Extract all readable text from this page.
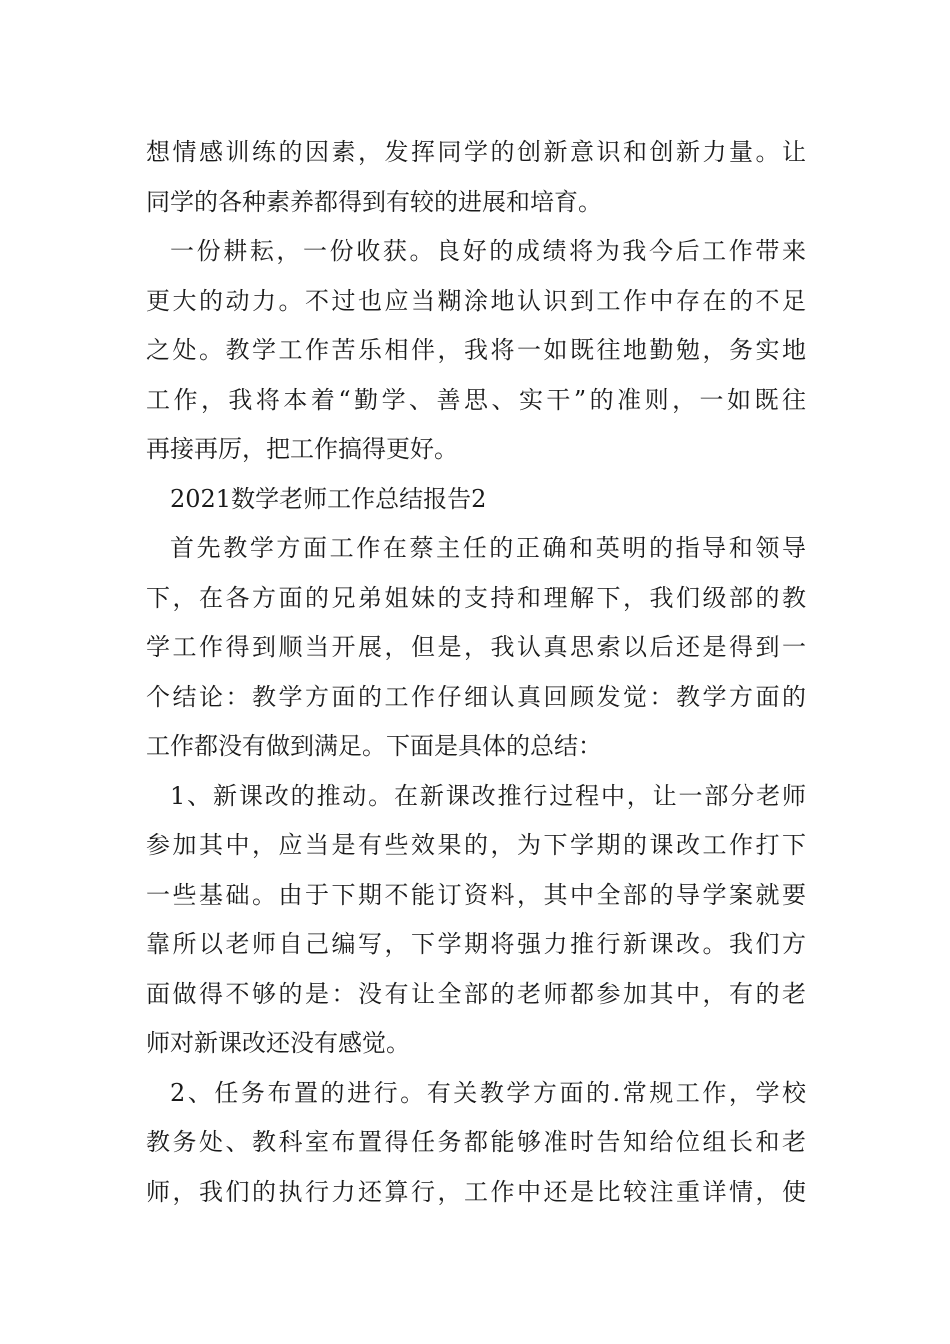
想情感训练的因素，发挥同学的创新意识和创新力量。让
同学的各种素养都得到有较的进展和培育。
一份耕耘，一份收获。良好的成绩将为我今后工作带来
更大的动力。不过也应当糊涂地认识到工作中存在的不足
之处。教学工作苦乐相伴，我将一如既往地勤勉，务实地
工作，我将本着“勤学、善思、实干”的准则，一如既往
再接再厉，把工作搞得更好。
2021数学老师工作总结报告2
首先教学方面工作在蔡主任的正确和英明的指导和领导
下，在各方面的兄弟姐妹的支持和理解下，我们级部的教
学工作得到顺当开展，但是，我认真思索以后还是得到一
个结论：教学方面的工作仔细认真回顾发觉：教学方面的
工作都没有做到满足。下面是具体的总结：
1、新课改的推动。在新课改推行过程中，让一部分老师
参加其中，应当是有些效果的，为下学期的课改工作打下
一些基础。由于下期不能订资料，其中全部的导学案就要
靠所以老师自己编写，下学期将强力推行新课改。我们方
面做得不够的是：没有让全部的老师都参加其中，有的老
师对新课改还没有感觉。
2、任务布置的进行。有关教学方面的.常规工作，学校
教务处、教科室布置得任务都能够准时告知给位组长和老
师，我们的执行力还算行，工作中还是比较注重详情，使
